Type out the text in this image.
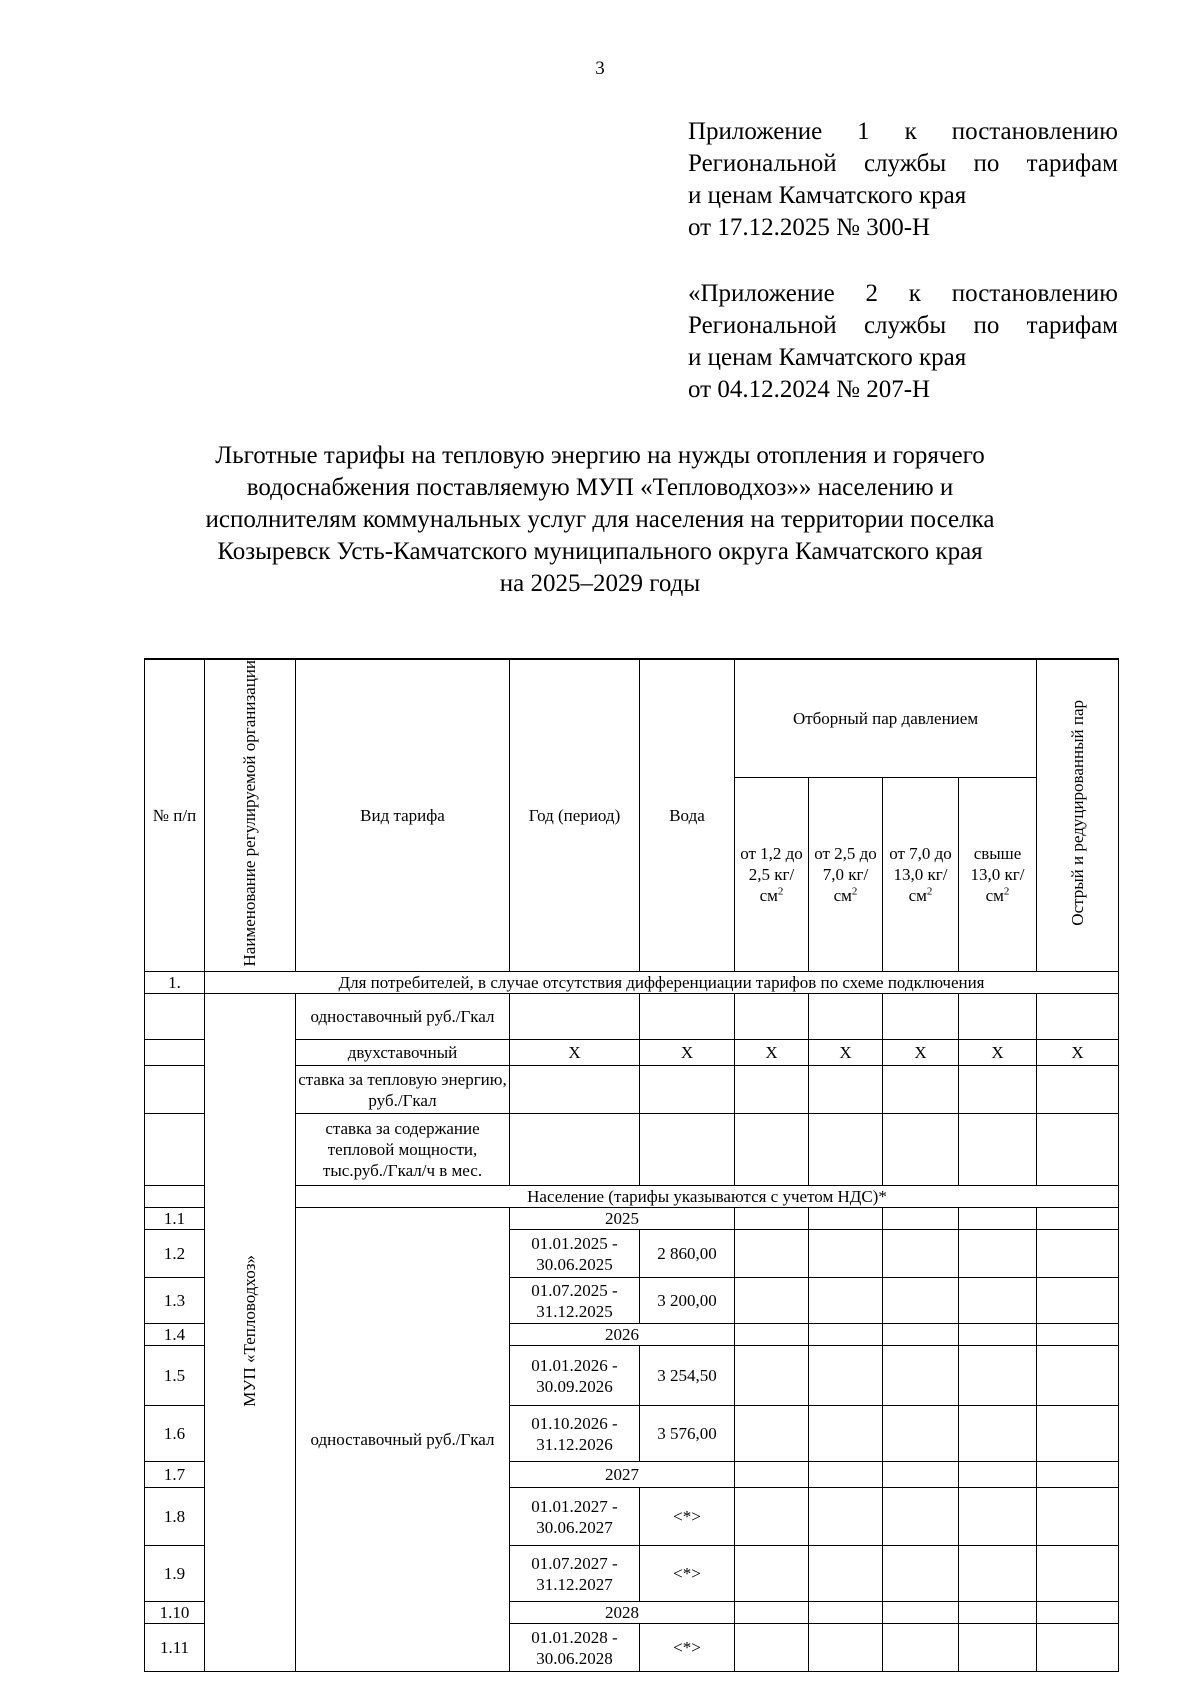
3
Приложение 1 к постановлению
Региональной службы по тарифам
и ценам Камчатского края
от 17.12.2025 № 300-Н
«Приложение 2 к постановлению
Региональной службы по тарифам
и ценам Камчатского края
от 04.12.2024 № 207-Н
Льготные тарифы на тепловую энергию на нужды отопления и горячего
водоснабжения поставляемую МУП «Тепловодхоз»» населению и
исполнителям коммунальных услуг для населения на территории поселка
Козыревск Усть-Камчатского муниципального округа Камчатского края
на 2025–2029 годы
№ п/п	Наименование регулируемой организации	Вид тарифа	Год (период)	Вода	Отборный пар давлением				Острый и редуцированный пар	
					от 1,2 до 2,5 $кг/см^2$	от 2,5 до 7,0 $кг/см^2$	от 7,0 до 13,0 $кг/см^2$	свыше 13,0 $кг/см^2$
1.	Для потребителей, в случае отсутствия дифференциации тарифов по схеме подключения									
	МУП «Тепловодхоз»	одноставочный руб./Гкал								
		двухставочный	X	X	X	X	X	X	X	
		ставка за тепловую энергию, руб./Гкал								
		ставка за содержание тепловой мощности, тыс.руб./Гкал/ч в мес.								
		Население (тарифы указываются с учетом НДС)*								
1.1		одноставочный руб./Гкал	2025							
1.2			01.01.2025 - 30.06.2025	2 860,00						
1.3			01.07.2025 - 31.12.2025	3 200,00						
1.4			2026							
1.5			01.01.2026 - 30.09.2026	3 254,50						
1.6			01.10.2026 - 31.12.2026	3 576,00						
1.7			2027							
1.8			01.01.2027 - 30.06.2027	<*>						
1.9			01.07.2027 - 31.12.2027	<*>						
1.10			2028							
1.11			01.01.2028 - 30.06.2028	<*>						
